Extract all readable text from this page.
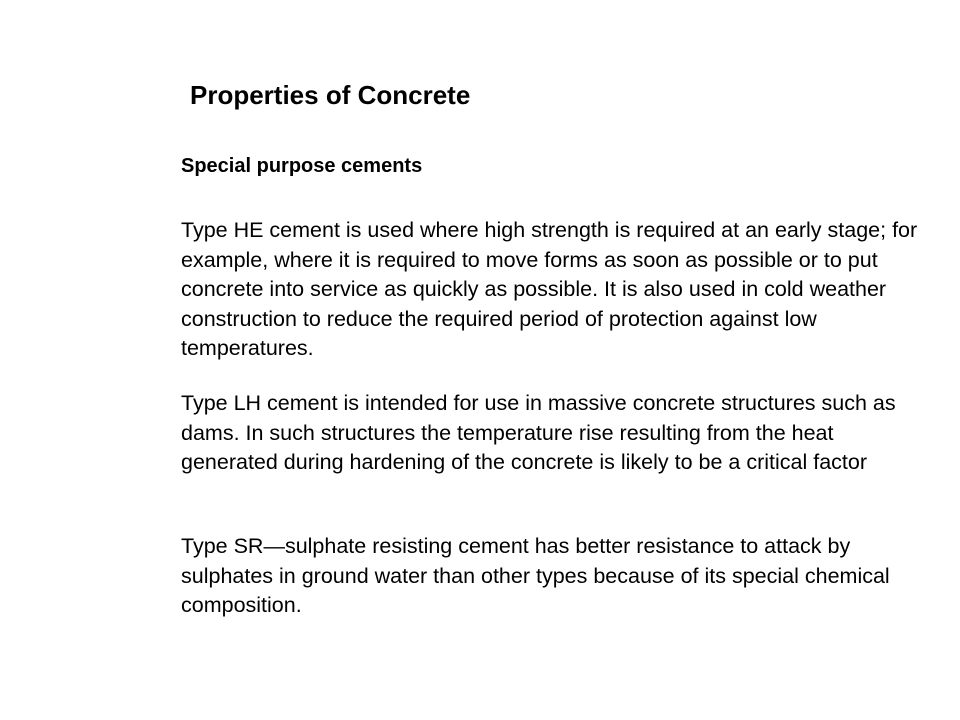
Properties of Concrete
Special purpose cements

Type HE cement is used where high strength is required at an early stage; for example, where it is required to move forms as soon as possible or to put concrete into service as quickly as possible. It is also used in cold weather construction to reduce the required period of protection against low temperatures.

Type LH cement is intended for use in massive concrete structures such as dams. In such structures the temperature rise resulting from the heat generated during hardening of the concrete is likely to be a critical factor

Type SR—sulphate resisting cement has better resistance to attack by sulphates in ground water than other types because of its special chemical composition.
